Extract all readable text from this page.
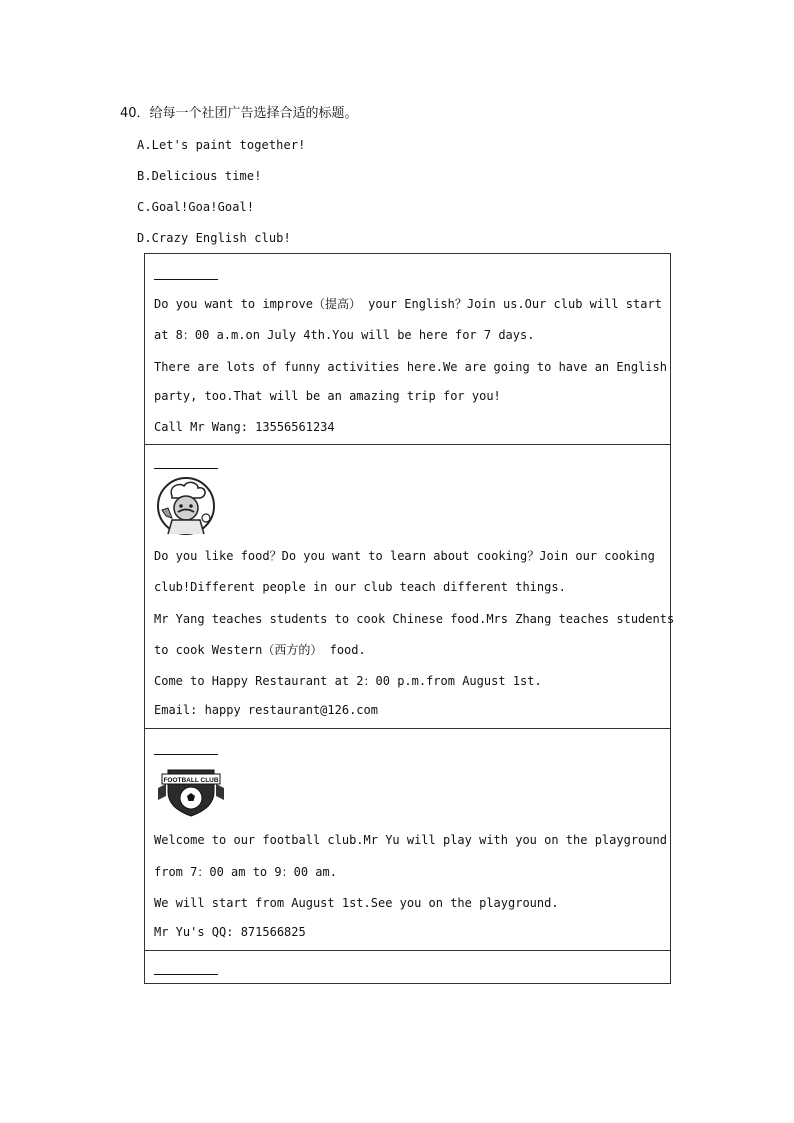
40．给每一个社团广告选择合适的标题。
A.Let's paint together!
B.Delicious time!
C.Goal!Goa!Goal!
D.Crazy English club!
Do you want to improve（提高） your English？Join us.Our club will start
at 8：00 a.m.on July 4th.You will be here for 7 days.
There are lots of funny activities here.We are going to have an English
party, too.That will be an amazing trip for you!
Call Mr Wang: 13556561234
Do you like food？Do you want to learn about cooking？Join our cooking
club!Different people in our club teach different things.
Mr Yang teaches students to cook Chinese food.Mrs Zhang teaches students
to cook Western（西方的） food.
Come to Happy Restaurant at 2：00 p.m.from August 1st.
Email: happy restaurant@126.com
FOOTBALL CLUB
Welcome to our football club.Mr Yu will play with you on the playground
from 7：00 am to 9：00 am.
We will start from August 1st.See you on the playground.
Mr Yu's QQ: 871566825
